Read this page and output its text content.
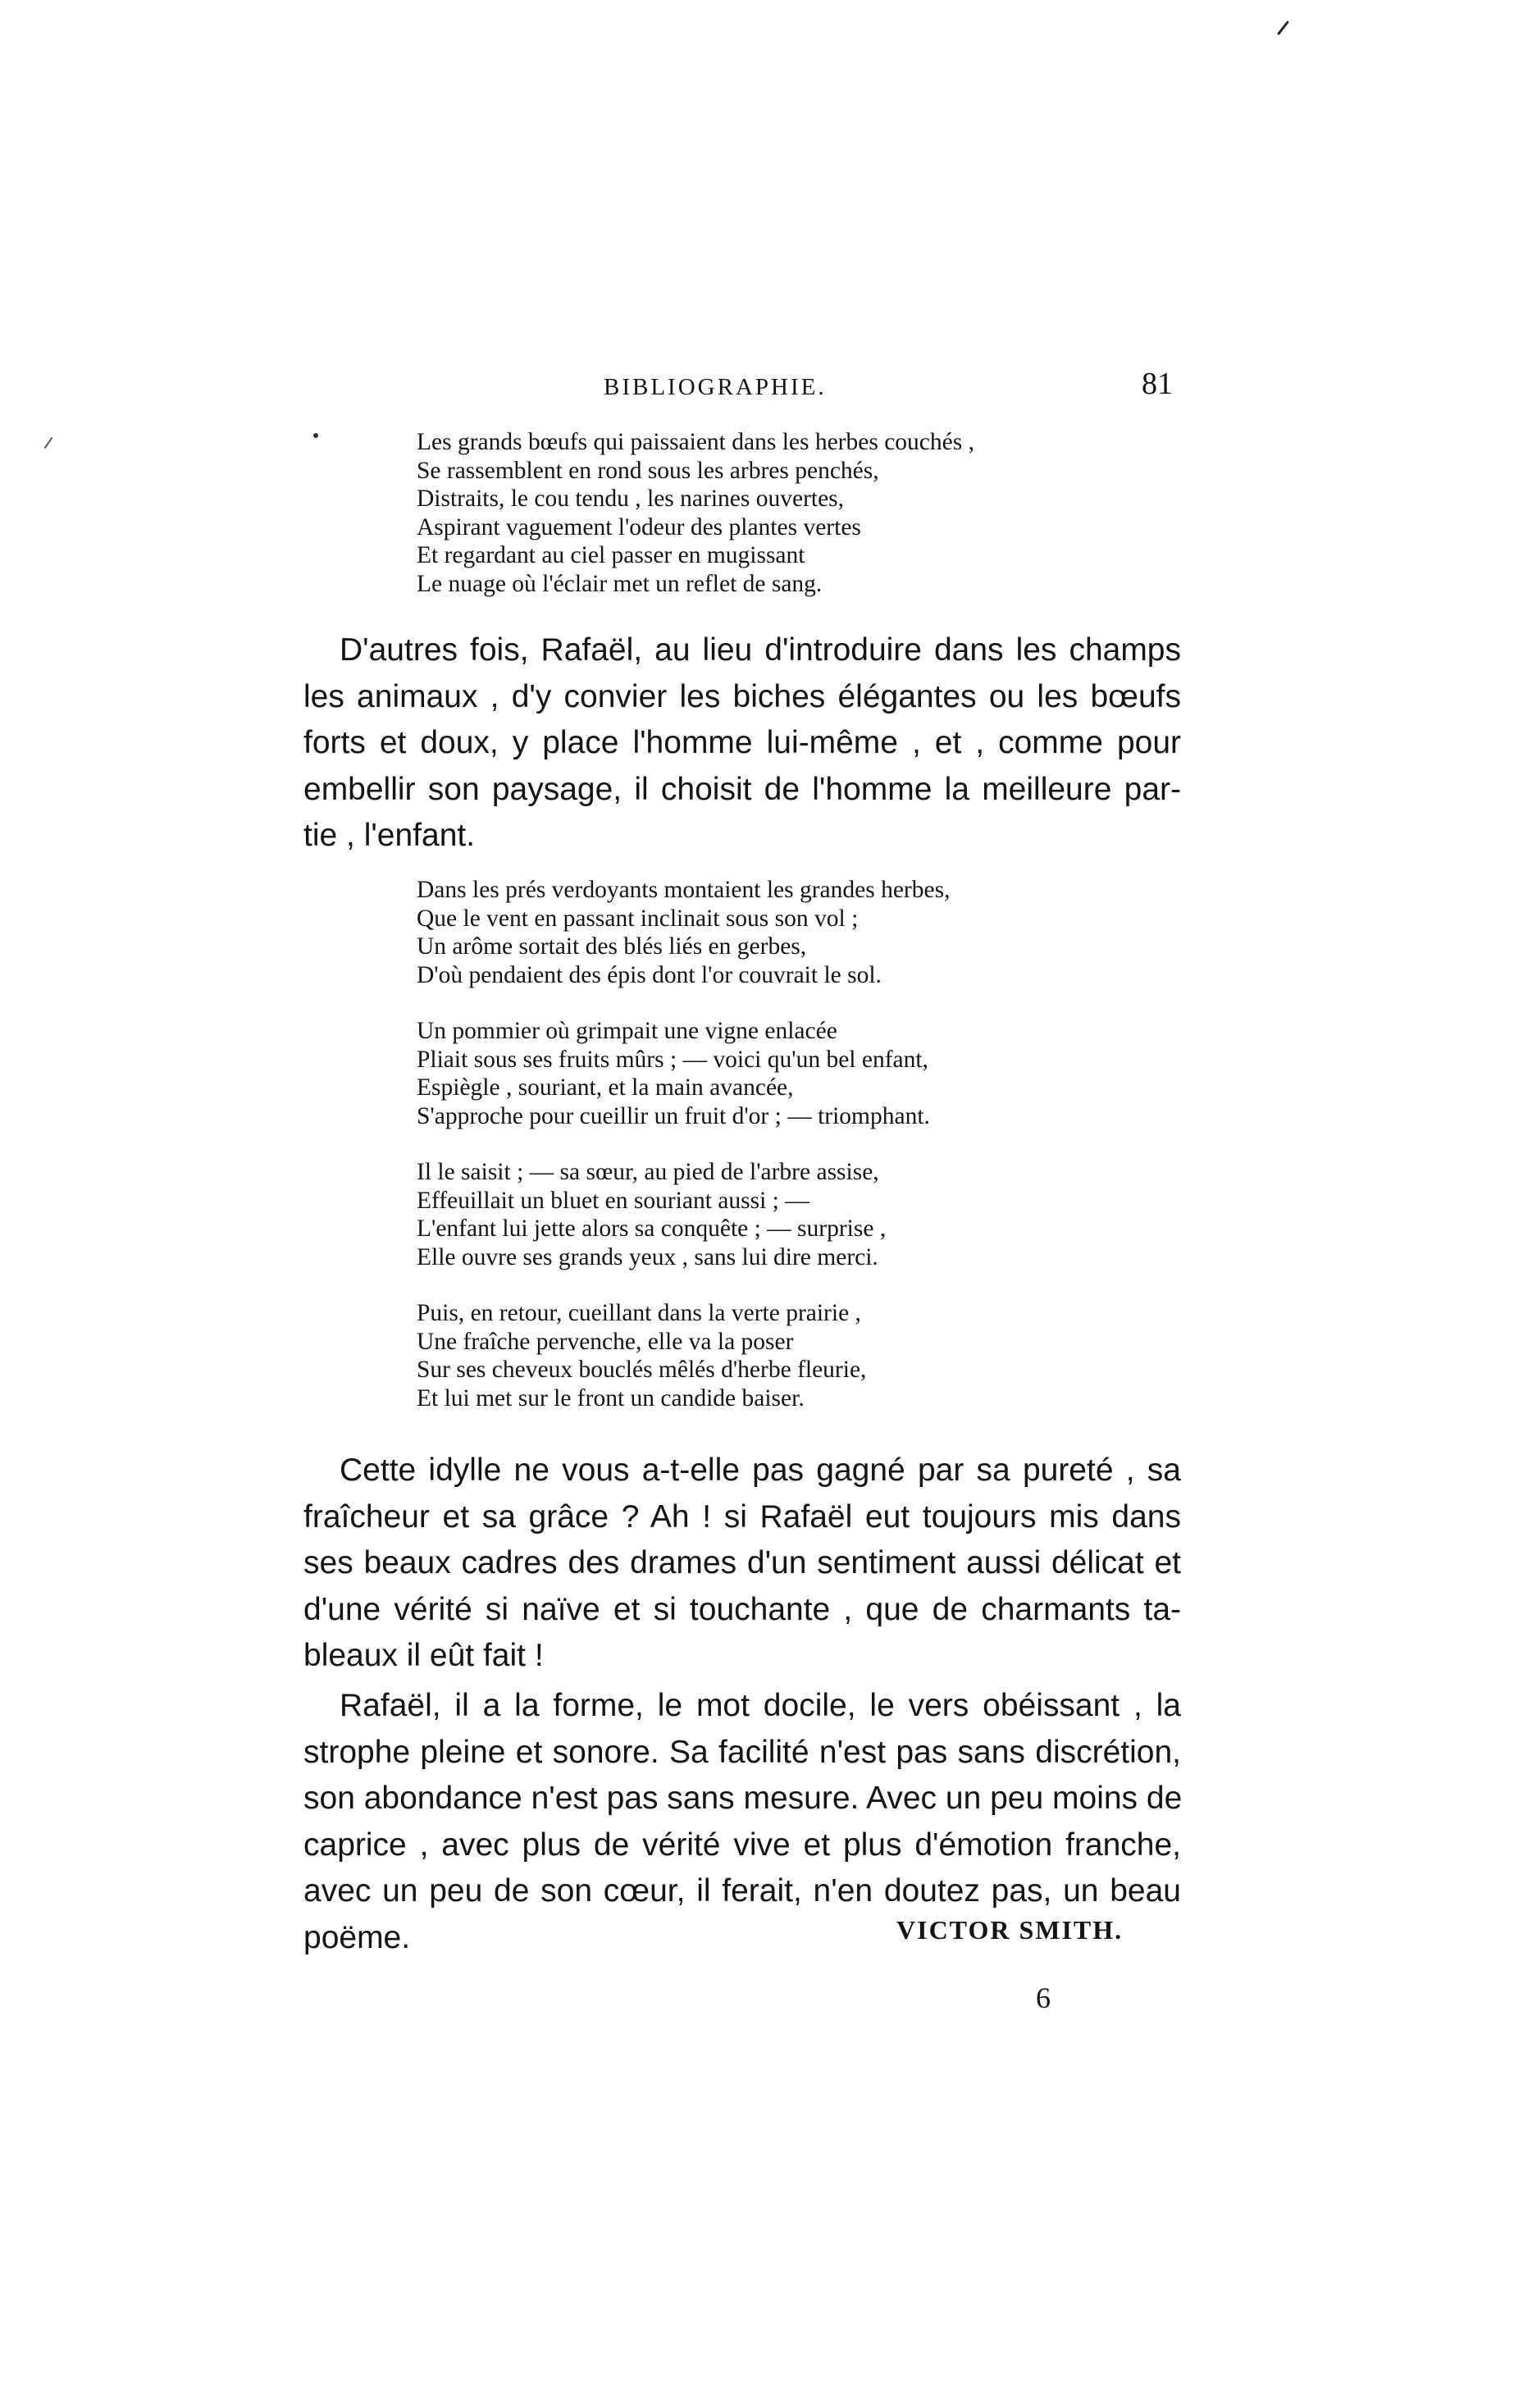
BIBLIOGRAPHIE.	81
Les grands bœufs qui paissaient dans les herbes couchés ,
Se rassemblent en rond sous les arbres penchés,
Distraits, le cou tendu , les narines ouvertes,
Aspirant vaguement l'odeur des plantes vertes
Et regardant au ciel passer en mugissant
Le nuage où l'éclair met un reflet de sang.
D'autres fois, Rafaël, au lieu d'introduire dans les champs
les animaux , d'y convier les biches élégantes ou les bœufs
forts et doux, y place l'homme lui-même , et , comme pour
embellir son paysage, il choisit de l'homme la meilleure par-
tie , l'enfant.
Dans les prés verdoyants montaient les grandes herbes,
Que le vent en passant inclinait sous son vol ;
Un arôme sortait des blés liés en gerbes,
D'où pendaient des épis dont l'or couvrait le sol.
Un pommier où grimpait une vigne enlacée
Pliait sous ses fruits mûrs ; — voici qu'un bel enfant,
Espiègle , souriant, et la main avancée,
S'approche pour cueillir un fruit d'or ; — triomphant.
Il le saisit ; — sa sœur, au pied de l'arbre assise,
Effeuillait un bluet en souriant aussi ; —
L'enfant lui jette alors sa conquête ; — surprise ,
Elle ouvre ses grands yeux , sans lui dire merci.
Puis, en retour, cueillant dans la verte prairie ,
Une fraîche pervenche, elle va la poser
Sur ses cheveux bouclés mêlés d'herbe fleurie,
Et lui met sur le front un candide baiser.
Cette idylle ne vous a-t-elle pas gagné par sa pureté , sa
fraîcheur et sa grâce ? Ah ! si Rafaël eut toujours mis dans
ses beaux cadres des drames d'un sentiment aussi délicat et
d'une vérité si naïve et si touchante , que de charmants ta-
bleaux il eût fait !
Rafaël, il a la forme, le mot docile, le vers obéissant , la
strophe pleine et sonore. Sa facilité n'est pas sans discrétion,
son abondance n'est pas sans mesure. Avec un peu moins de
caprice , avec plus de vérité vive et plus d'émotion franche,
avec un peu de son cœur, il ferait, n'en doutez pas, un beau
poëme.	VICTOR SMITH.
6
